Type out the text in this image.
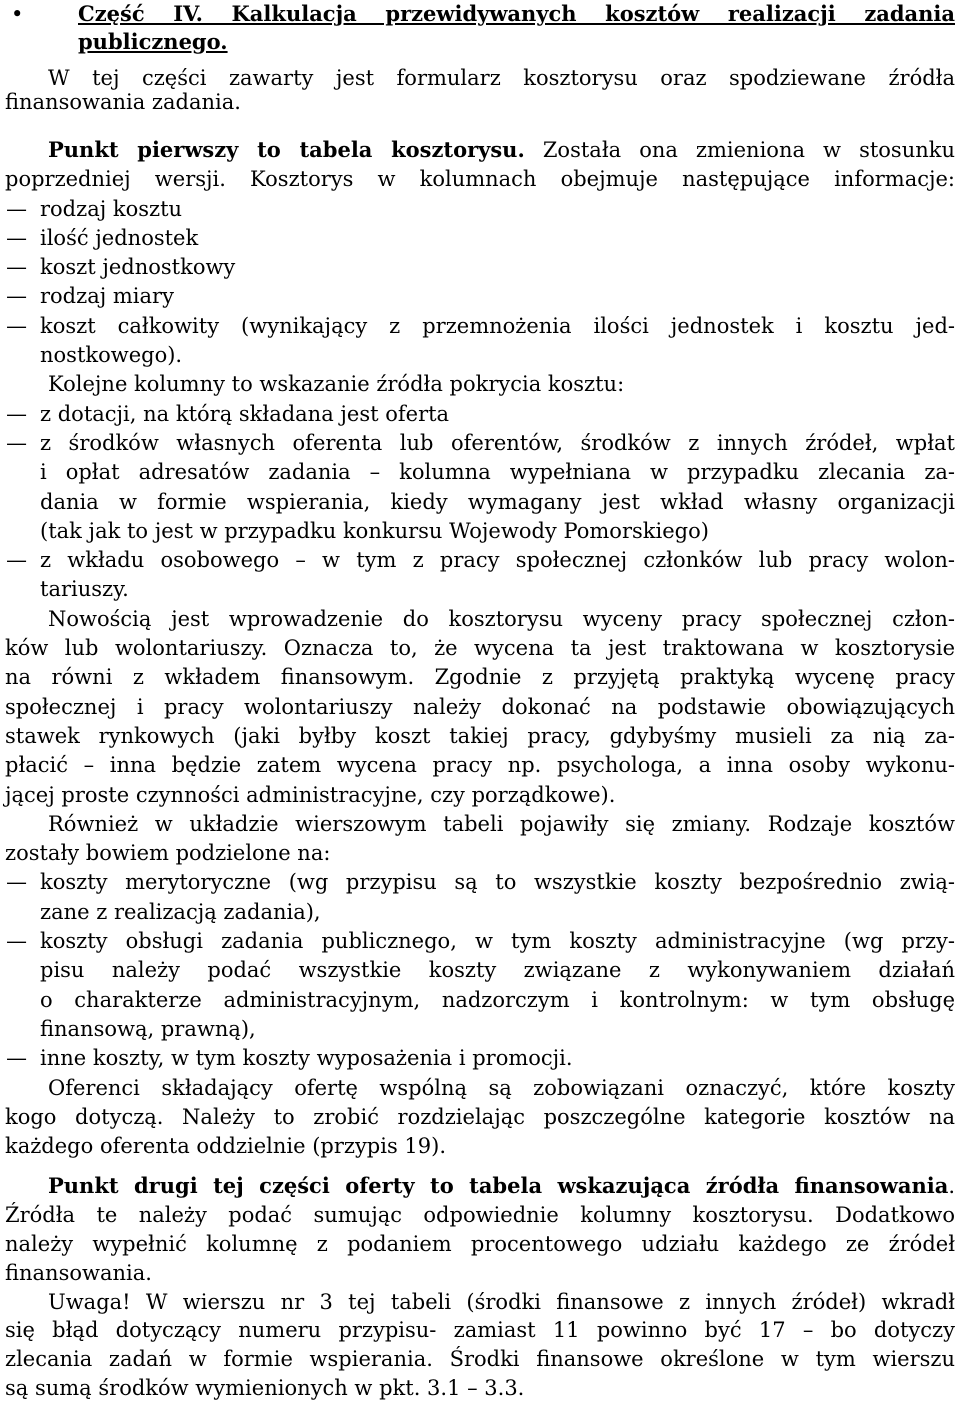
•	Część IV. Kalkulacja przewidywanych kosztów realizacji zadania
publicznego.
W tej części zawarty jest formularz kosztorysu oraz spodziewane źródła
finansowania zadania.
Punkt pierwszy to tabela kosztorysu. Została ona zmieniona w stosunku
poprzedniej wersji. Kosztorys w kolumnach obejmuje następujące informacje:
– rodzaj kosztu
– ilość jednostek
– koszt jednostkowy
– rodzaj miary
– koszt całkowity (wynikający z przemnożenia ilości jednostek i kosztu jed-
nostkowego).
Kolejne kolumny to wskazanie źródła pokrycia kosztu:
– z dotacji, na którą składana jest oferta
– z środków własnych oferenta lub oferentów, środków z innych źródeł, wpłat
i opłat adresatów zadania – kolumna wypełniana w przypadku zlecania za-
dania w formie wspierania, kiedy wymagany jest wkład własny organizacji
(tak jak to jest w przypadku konkursu Wojewody Pomorskiego)
– z wkładu osobowego – w tym z pracy społecznej członków lub pracy wolon-
tariuszy.
Nowością jest wprowadzenie do kosztorysu wyceny pracy społecznej człon-
ków lub wolontariuszy. Oznacza to, że wycena ta jest traktowana w kosztorysie
na równi z wkładem finansowym. Zgodnie z przyjętą praktyką wycenę pracy
społecznej i pracy wolontariuszy należy dokonać na podstawie obowiązujących
stawek rynkowych (jaki byłby koszt takiej pracy, gdybyśmy musieli za nią za-
płacić – inna będzie zatem wycena pracy np. psychologa, a inna osoby wykonu-
jącej proste czynności administracyjne, czy porządkowe).
Również w układzie wierszowym tabeli pojawiły się zmiany. Rodzaje kosztów
zostały bowiem podzielone na:
– koszty merytoryczne (wg przypisu są to wszystkie koszty bezpośrednio zwią-
zane z realizacją zadania),
– koszty obsługi zadania publicznego, w tym koszty administracyjne (wg przy-
pisu należy podać wszystkie koszty związane z wykonywaniem działań
o charakterze administracyjnym, nadzorczym i kontrolnym: w tym obsługę
finansową, prawną),
– inne koszty, w tym koszty wyposażenia i promocji.
Oferenci składający ofertę wspólną są zobowiązani oznaczyć, które koszty
kogo dotyczą. Należy to zrobić rozdzielając poszczególne kategorie kosztów na
każdego oferenta oddzielnie (przypis 19).
Punkt drugi tej części oferty to tabela wskazująca źródła finansowania.
Źródła te należy podać sumując odpowiednie kolumny kosztorysu. Dodatkowo
należy wypełnić kolumnę z podaniem procentowego udziału każdego ze źródeł
finansowania.
Uwaga! W wierszu nr 3 tej tabeli (środki finansowe z innych źródeł) wkradł
się błąd dotyczący numeru przypisu- zamiast 11 powinno być 17 – bo dotyczy
zlecania zadań w formie wspierania. Środki finansowe określone w tym wierszu
są sumą środków wymienionych w pkt. 3.1 – 3.3.
